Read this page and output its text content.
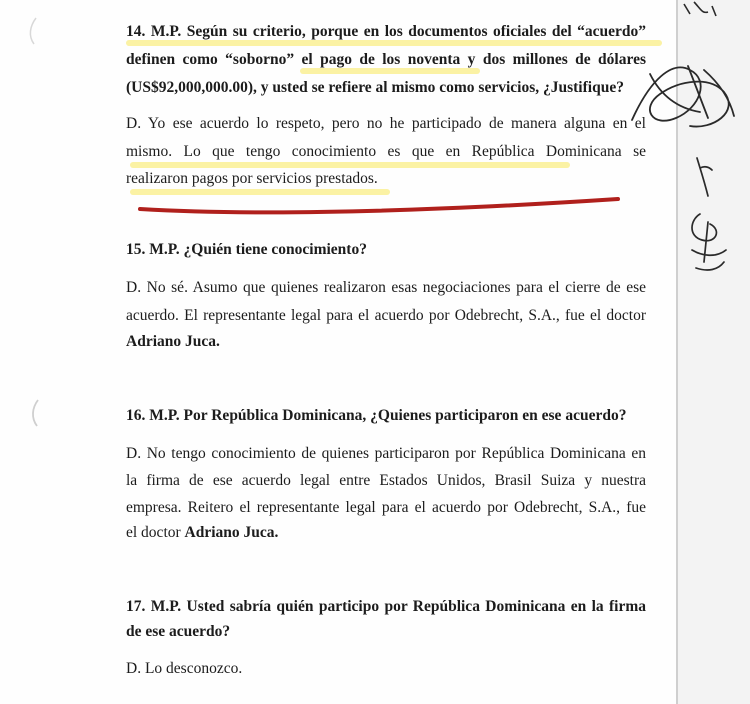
14. M.P. Según su criterio, porque en los documentos oficiales del “acuerdo”
definen como “soborno” el pago de los noventa y dos millones de dólares
(US$92,000,000.00), y usted se refiere al mismo como servicios, ¿Justifique?
D. Yo ese acuerdo lo respeto, pero no he participado de manera alguna en el
mismo. Lo que tengo conocimiento es que en República Dominicana se
realizaron pagos por servicios prestados.
15. M.P. ¿Quién tiene conocimiento?
D. No sé. Asumo que quienes realizaron esas negociaciones para el cierre de ese
acuerdo. El representante legal para el acuerdo por Odebrecht, S.A., fue el doctor
Adriano Juca.
16. M.P. Por República Dominicana, ¿Quienes participaron en ese acuerdo?
D. No tengo conocimiento de quienes participaron por República Dominicana en
la firma de ese acuerdo legal entre Estados Unidos, Brasil Suiza y nuestra
empresa. Reitero el representante legal para el acuerdo por Odebrecht, S.A., fue
el doctor Adriano Juca.
17. M.P. Usted sabría quién participo por República Dominicana en la firma
de ese acuerdo?
D. Lo desconozco.
